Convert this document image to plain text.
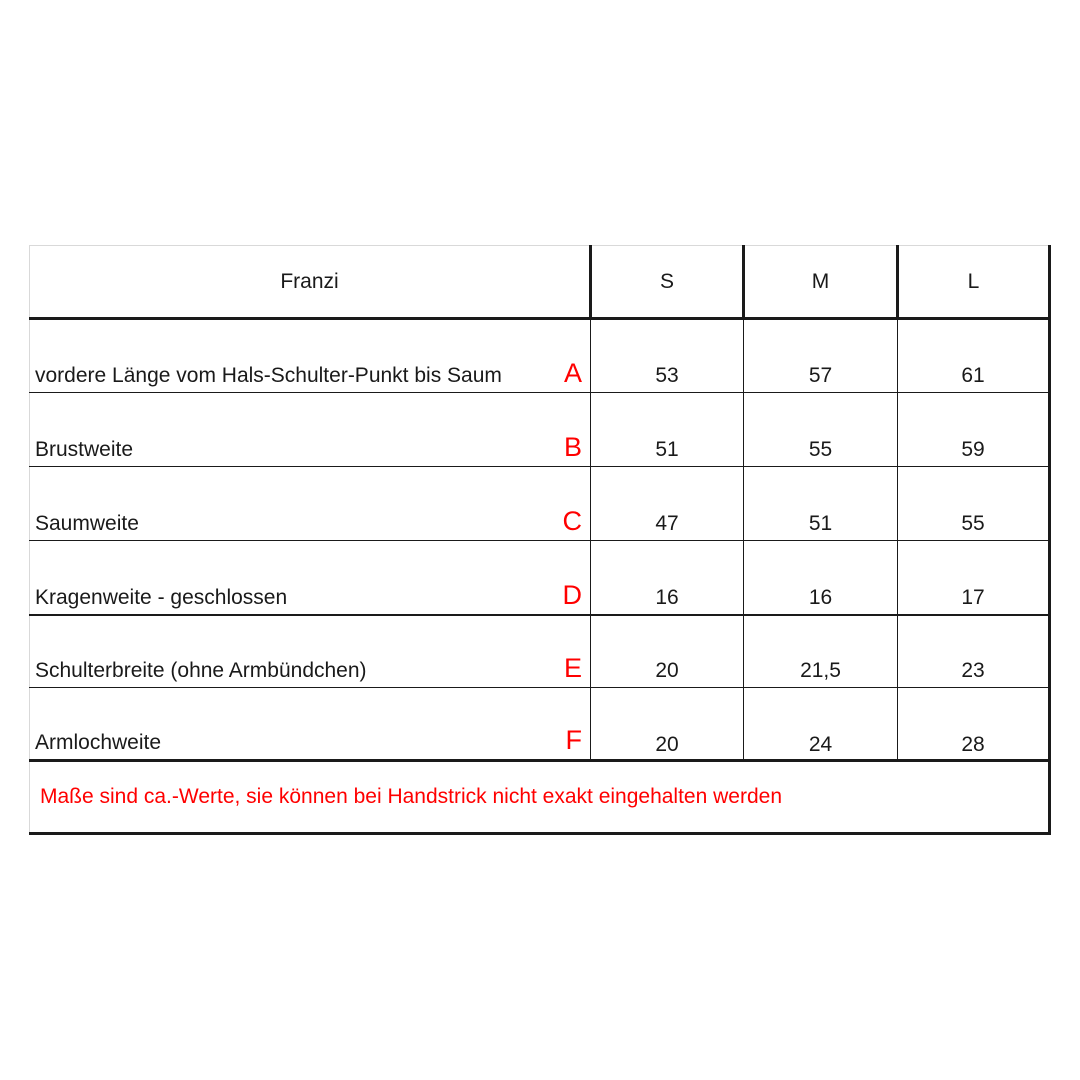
Franzi	S	M	L
vordere Länge vom Hals-Schulter-Punkt bis Saum A	53	57	61
Brustweite	B	51	55	59
Saumweite	C	47	51	55
Kragenweite - geschlossen	D	16	16	17
Schulterbreite (ohne Armbündchen)	E	20	21,5	23
Armlochweite	F	20	24	28
Maße sind ca.-Werte, sie können bei Handstrick nicht exakt eingehalten werden
